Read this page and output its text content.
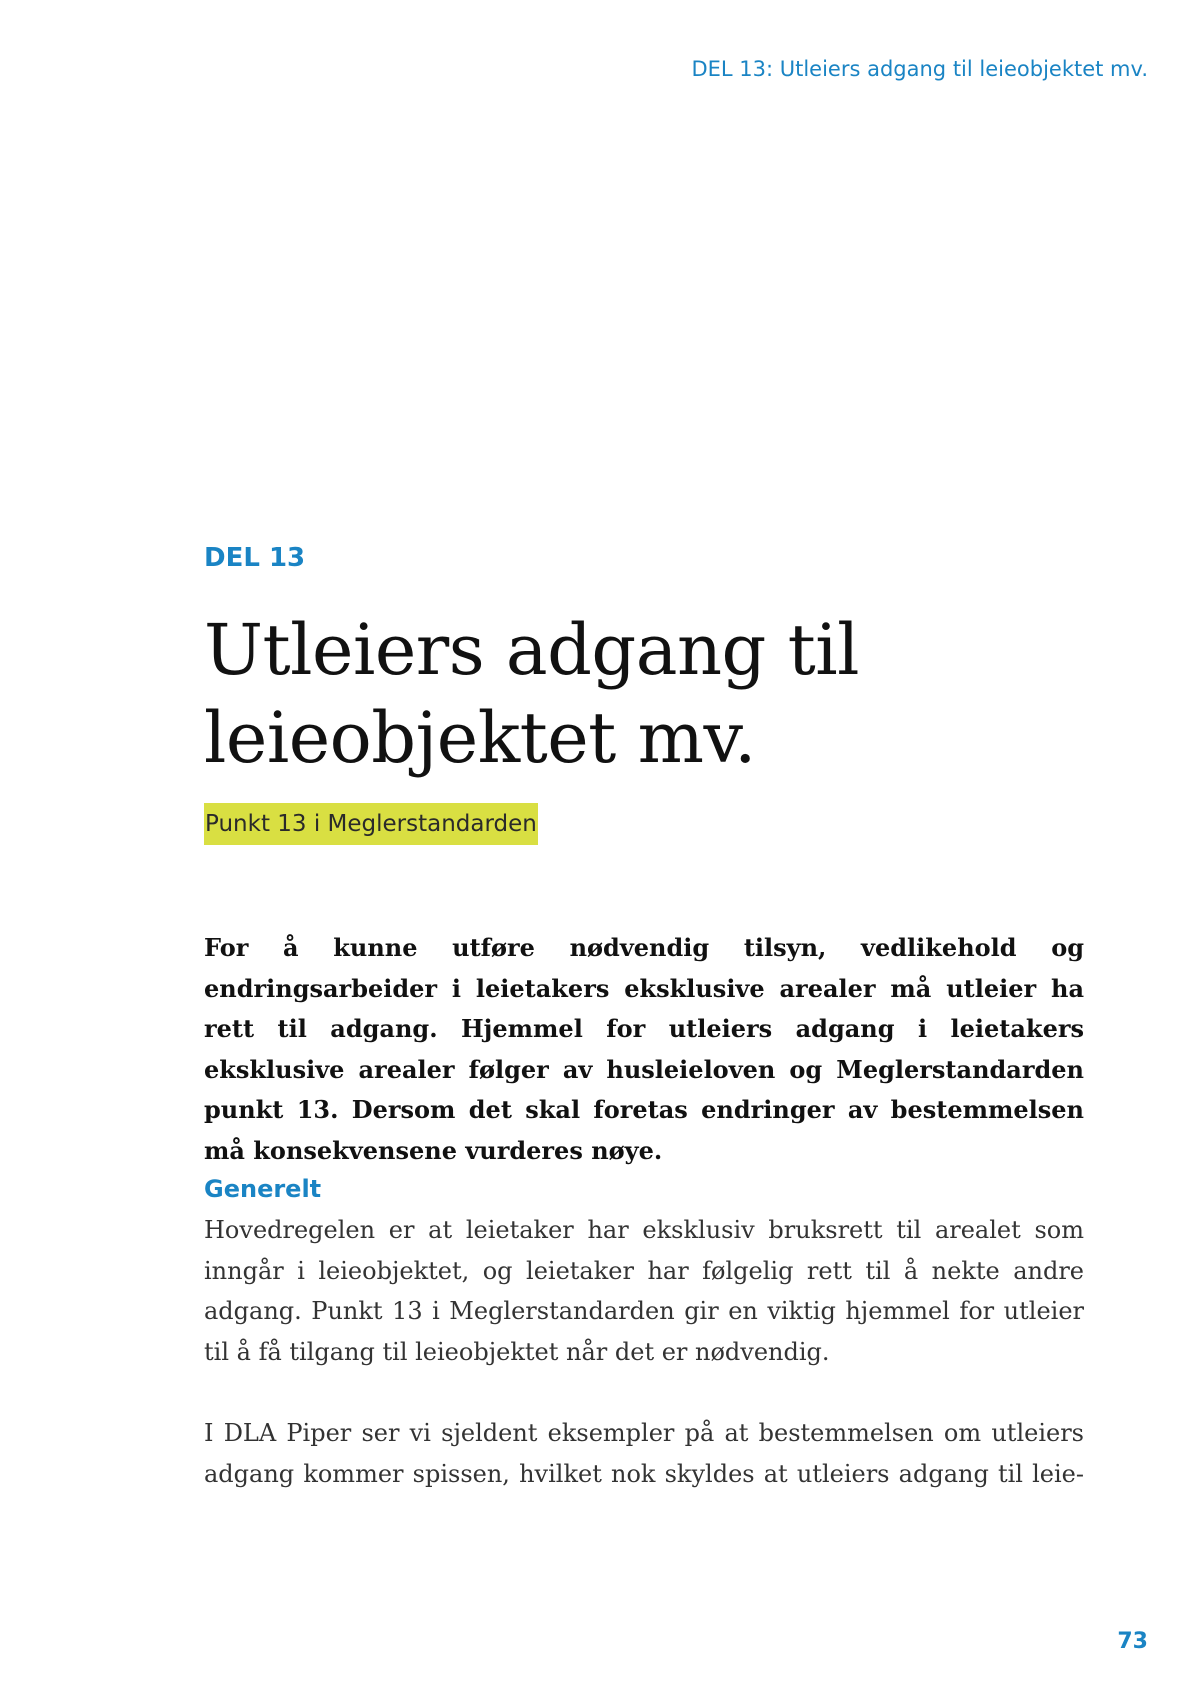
DEL 13: Utleiers adgang til leieobjektet mv.
DEL 13
Utleiers adgang til leieobjektet mv.
Punkt 13 i Meglerstandarden

For å kunne utføre nødvendig tilsyn, vedlikehold og endringsarbeider i leietakers eksklusive arealer må utleier ha rett til adgang. Hjemmel for utleiers adgang i leietakers eksklusive arealer følger av husleieloven og Meglerstandarden punkt 13. Dersom det skal foretas endringer av bestemmelsen må konsekvensene vurderes nøye.

Generelt

Hovedregelen er at leietaker har eksklusiv bruksrett til arealet som inngår i leieobjektet, og leietaker har følgelig rett til å nekte andre adgang. Punkt 13 i Meglerstandarden gir en viktig hjemmel for utleier til å få tilgang til leieobjektet når det er nødvendig.

I DLA Piper ser vi sjeldent eksempler på at bestemmelsen om utleiers adgang kommer spissen, hvilket nok skyldes at utleiers adgang til leie-

73
